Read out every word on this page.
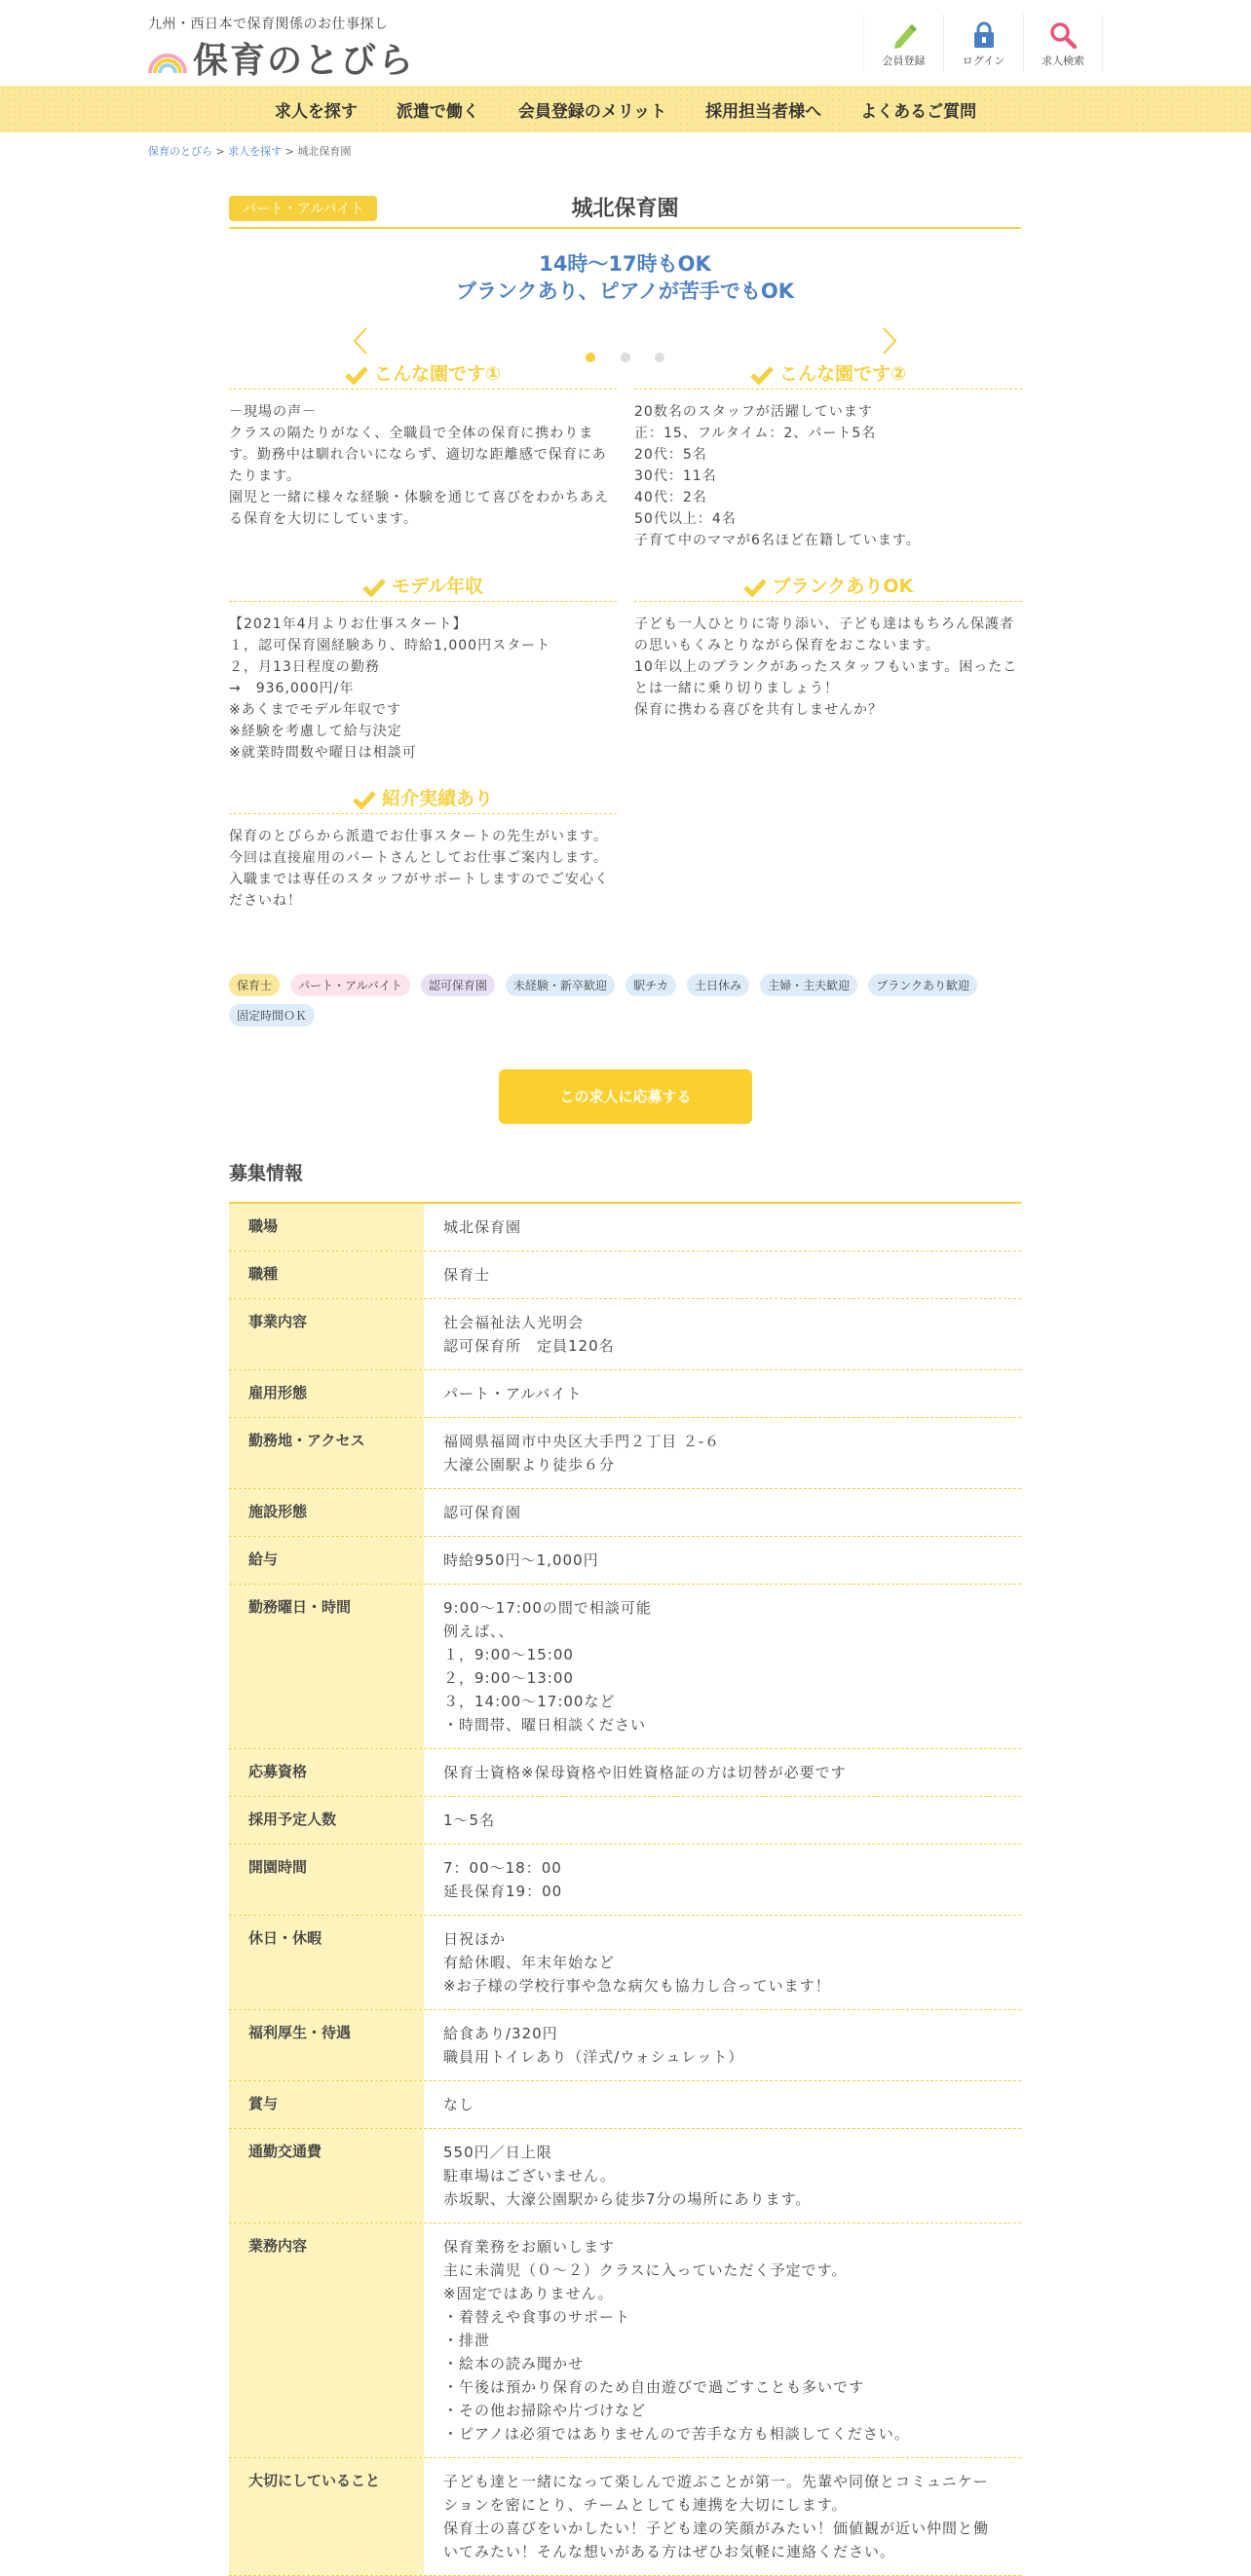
九州・西日本で保育関係のお仕事探し
保育のとびら	会員登録	ログイン	求人検索
求人を探す 派遣で働く 会員登録のメリット 採用担当者様へ よくあるご質問
保育のとびら > 求人を探す > 城北保育園
パート・アルバイト	城北保育園
14時～17時もOK
ブランクあり、ピアノが苦手でもOK

こんな園です①
－現場の声－
クラスの隔たりがなく、全職員で全体の保育に携わります。勤務中は馴れ合いにならず、適切な距離感で保育にあたります。
園児と一緒に様々な経験・体験を通じて喜びをわかちあえる保育を大切にしています。
こんな園です②
20数名のスタッフが活躍しています
正：15、フルタイム：2、パート5名
20代：5名
30代：11名
40代：2名
50代以上：4名
子育て中のママが6名ほど在籍しています。
モデル年収
【2021年4月よりお仕事スタート】
１，認可保育園経験あり、時給1,000円スタート
２，月13日程度の勤務
→　936,000円/年
※あくまでモデル年収です
※経験を考慮して給与決定
※就業時間数や曜日は相談可
ブランクありOK
子ども一人ひとりに寄り添い、子ども達はもちろん保護者の思いもくみとりながら保育をおこないます。
10年以上のブランクがあったスタッフもいます。困ったことは一緒に乗り切りましょう！
保育に携わる喜びを共有しませんか？
紹介実績あり
保育のとびらから派遣でお仕事スタートの先生がいます。
今回は直接雇用のパートさんとしてお仕事ご案内します。入職までは専任のスタッフがサポートしますのでご安心くださいね！
保育士 パート・アルバイト 認可保育園 未経験・新卒歓迎 駅チカ 土日休み 主婦・主夫歓迎 ブランクあり歓迎 固定時間ＯＫ
この求人に応募する
募集情報
職場	城北保育園
職種	保育士
事業内容	社会福祉法人光明会
認可保育所　定員120名
雇用形態	パート・アルバイト
勤務地・アクセス	福岡県福岡市中央区大手門２丁目 ２-６
大濠公園駅より徒歩６分
施設形態	認可保育園
給与	時給950円～1,000円
勤務曜日・時間	9:00～17:00の間で相談可能
例えば、、
１，9:00～15:00
２，9:00～13:00
３，14:00～17:00など
・時間帯、曜日相談ください
応募資格	保育士資格※保母資格や旧姓資格証の方は切替が必要です
採用予定人数	1～5名
開園時間	7：00～18：00
延長保育19：00
休日・休暇	日祝ほか
有給休暇、年末年始など
※お子様の学校行事や急な病欠も協力し合っています！
福利厚生・待遇	給食あり/320円
職員用トイレあり（洋式/ウォシュレット）
賞与	なし
通勤交通費	550円／日上限
駐車場はございません。
赤坂駅、大濠公園駅から徒歩7分の場所にあります。
業務内容	保育業務をお願いします
主に未満児（０～２）クラスに入っていただく予定です。
※固定ではありません。
・着替えや食事のサポート
・排泄
・絵本の読み聞かせ
・午後は預かり保育のため自由遊びで過ごすことも多いです
・その他お掃除や片づけなど
・ピアノは必須ではありませんので苦手な方も相談してください。
大切にしていること	子ども達と一緒になって楽しんで遊ぶことが第一。先輩や同僚とコミュニケーションを密にとり、チームとしても連携を大切にします。
保育士の喜びをいかしたい！子ども達の笑顔がみたい！価値観が近い仲間と働いてみたい！そんな想いがある方はぜひお気軽に連絡ください。
